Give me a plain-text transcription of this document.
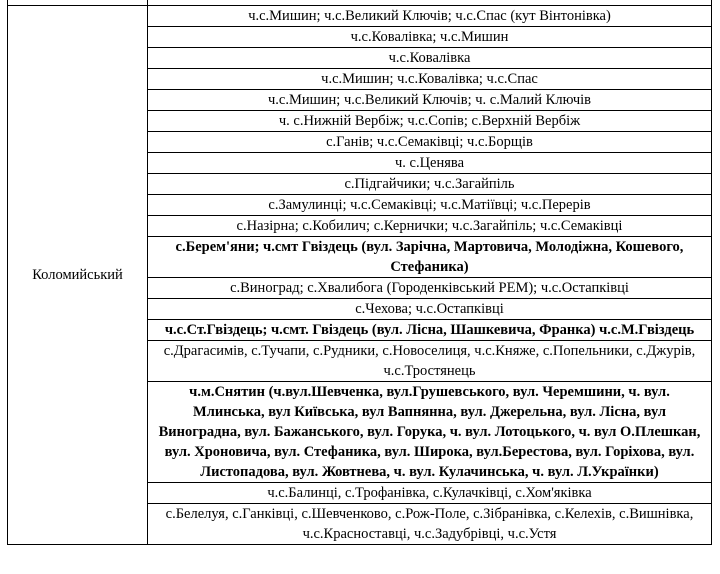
Коломийський	ч.с.Мишин; ч.с.Великий Ключів; ч.с.Спас (кут Вінтонівка)
	ч.с.Ковалівка; ч.с.Мишин
	ч.с.Ковалівка
	ч.с.Мишин; ч.с.Ковалівка; ч.с.Спас
	ч.с.Мишин; ч.с.Великий Ключів; ч. с.Малий Ключів
	ч. с.Нижній Вербіж; ч.с.Сопів; с.Верхній Вербіж
	с.Ганів; ч.с.Семаківці; ч.с.Борщів
	ч. с.Ценява
	с.Підгайчики; ч.с.Загайпіль
	с.Замулинці; ч.с.Семаківці; ч.с.Матіївці; ч.с.Перерів
	с.Назірна; с.Кобилич; с.Кернички; ч.с.Загайпіль; ч.с.Семаківці
	с.Берем'яни; ч.смт Гвіздець (вул. Зарічна, Мартовича, Молодіжна, Кошевого, Стефаника)
	с.Виноград; с.Хвалибога (Городенківський РЕМ); ч.с.Остапківці
	с.Чехова; ч.с.Остапківці
	ч.с.Ст.Гвіздець; ч.смт. Гвіздець (вул. Лісна, Шашкевича, Франка) ч.с.М.Гвіздець
	с.Драгасимів, с.Тучапи, с.Рудники, с.Новоселиця, ч.с.Княже, с.Попельники, с.Джурів, ч.с.Тростянець
	ч.м.Снятин (ч.вул.Шевченка, вул.Грушевського, вул. Черемшини, ч. вул. Млинська, вул Київська, вул Вапнянна, вул. Джерельна, вул. Лісна, вул Виноградна, вул. Бажанського, вул. Горука, ч. вул. Лотоцького, ч. вул О.Плешкан, вул. Хроновича, вул. Стефаника, вул. Широка, вул.Берестова, вул. Горіхова, вул. Листопадова, вул. Жовтнева, ч. вул. Кулачинська, ч. вул. Л.Українки)
	ч.с.Балинці, с.Трофанівка, с.Кулачківці, с.Хом'яківка
	с.Белелуя, с.Ганківці, с.Шевченково, с.Рож-Поле, с.Зібранівка, с.Келехів, с.Вишнівка, ч.с.Красноставці, ч.с.Задубрівці, ч.с.Устя
